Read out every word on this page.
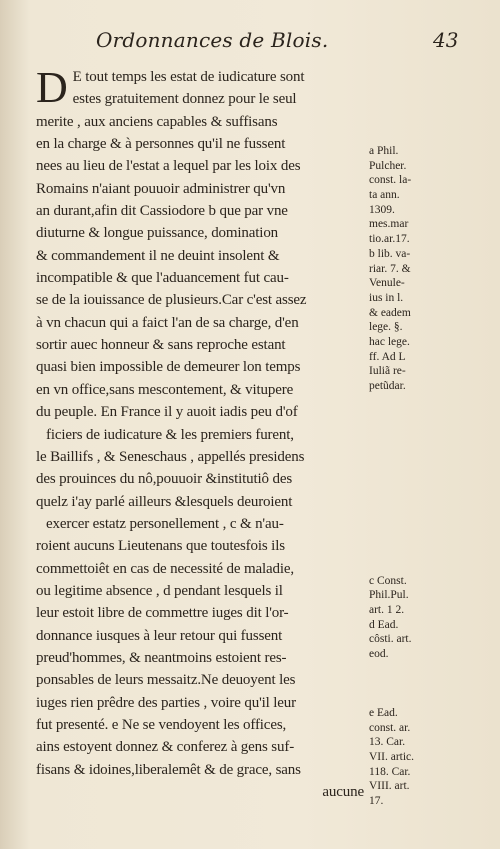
Ordonnances de Blois.	43
D E tout temps les estat de iudicature sont
estes gratuitement donnez pour le seul
merite , aux anciens capables & suffisans
en la charge & à personnes qu'il ne fussent
nees au lieu de l'estat a lequel par les loix des
Romains n'aiant pouuoir administrer qu'vn
an durant,afin dit Cassiodore b que par vne
diuturne & longue puissance, domination
& commandement il ne deuint insolent &
incompatible & que l'aduancement fut cau-
se de la iouissance de plusieurs.Car c'est assez
à vn chacun qui a faict l'an de sa charge, d'en
sortir auec honneur & sans reproche estant
quasi bien impossible de demeurer lon temps
en vn office,sans mescontement, & vitupere
du peuple. En France il y auoit iadis peu d'of
ficiers de iudicature & les premiers furent,
le Baillifs , & Seneschaus , appellés presidens
des prouinces du nô,pouuoir &institutiô des
quelz i'ay parlé ailleurs &lesquels deuroient
exercer estatz personellement , c & n'au-
roient aucuns Lieutenans que toutesfois ils
commettoiêt en cas de necessité de maladie,
ou legitime absence , d pendant lesquels il
leur estoit libre de commettre iuges dit l'or-
donnance iusques à leur retour qui fussent
preud'hommes, & neantmoins estoient res-
ponsables de leurs messaitz.Ne deuoyent les
iuges rien prêdre des parties , voire qu'il leur
fut presenté. e Ne se vendoyent les offices,
ains estoyent donnez & conferez à gens suf-
fisans & idoines,liberalemêt & de grace, sans
aucune
a Phil.
Pulcher.
const. la-
ta ann.
1309.
mes.mar
tio.ar.17.
b lib. va-
riar. 7. &
Venule-
ius in l.
& eadem
lege. §.
hac lege.
ff. Ad L
Iuliã re-
petũdar.
c Const.
Phil.Pul.
art. 1 2.
d Ead.
côsti. art.
eod.
e Ead.
const. ar.
13. Car.
VII. artic.
118. Car.
VIII. art.
17.
